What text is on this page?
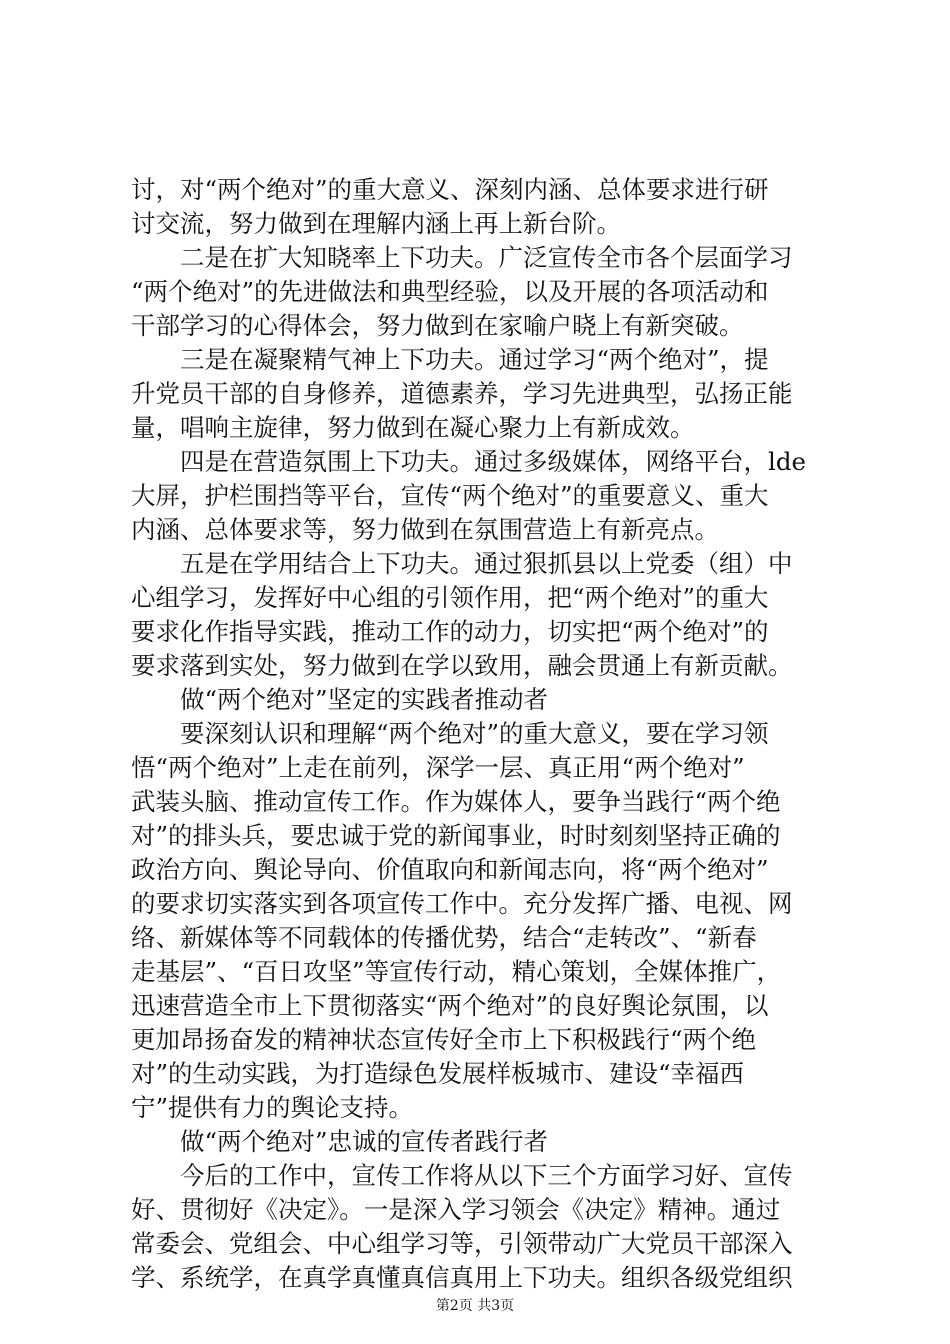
讨，对“两个绝对”的重大意义、深刻内涵、总体要求进行研
讨交流，努力做到在理解内涵上再上新台阶。
　　二是在扩大知晓率上下功夫。广泛宣传全市各个层面学习
“两个绝对”的先进做法和典型经验，以及开展的各项活动和
干部学习的心得体会，努力做到在家喻户晓上有新突破。
　　三是在凝聚精气神上下功夫。通过学习“两个绝对”，提
升党员干部的自身修养，道德素养，学习先进典型，弘扬正能
量，唱响主旋律，努力做到在凝心聚力上有新成效。
　　四是在营造氛围上下功夫。通过多级媒体，网络平台，lde
大屏，护栏围挡等平台，宣传“两个绝对”的重要意义、重大
内涵、总体要求等，努力做到在氛围营造上有新亮点。
　　五是在学用结合上下功夫。通过狠抓县以上党委（组）中
心组学习，发挥好中心组的引领作用，把“两个绝对”的重大
要求化作指导实践，推动工作的动力，切实把“两个绝对”的
要求落到实处，努力做到在学以致用，融会贯通上有新贡献。
　　做“两个绝对”坚定的实践者推动者
　　要深刻认识和理解“两个绝对”的重大意义，要在学习领
悟“两个绝对”上走在前列，深学一层、真正用“两个绝对”
武装头脑、推动宣传工作。作为媒体人，要争当践行“两个绝
对”的排头兵，要忠诚于党的新闻事业，时时刻刻坚持正确的
政治方向、舆论导向、价值取向和新闻志向，将“两个绝对”
的要求切实落实到各项宣传工作中。充分发挥广播、电视、网
络、新媒体等不同载体的传播优势，结合“走转改”、“新春
走基层”、“百日攻坚”等宣传行动，精心策划，全媒体推广，
迅速营造全市上下贯彻落实“两个绝对”的良好舆论氛围，以
更加昂扬奋发的精神状态宣传好全市上下积极践行“两个绝
对”的生动实践，为打造绿色发展样板城市、建设“幸福西
宁”提供有力的舆论支持。
　　做“两个绝对”忠诚的宣传者践行者
　　今后的工作中，宣传工作将从以下三个方面学习好、宣传
好、贯彻好《决定》。一是深入学习领会《决定》精神。通过
常委会、党组会、中心组学习等，引领带动广大党员干部深入
学、系统学，在真学真懂真信真用上下功夫。组织各级党组织
第2页 共3页
